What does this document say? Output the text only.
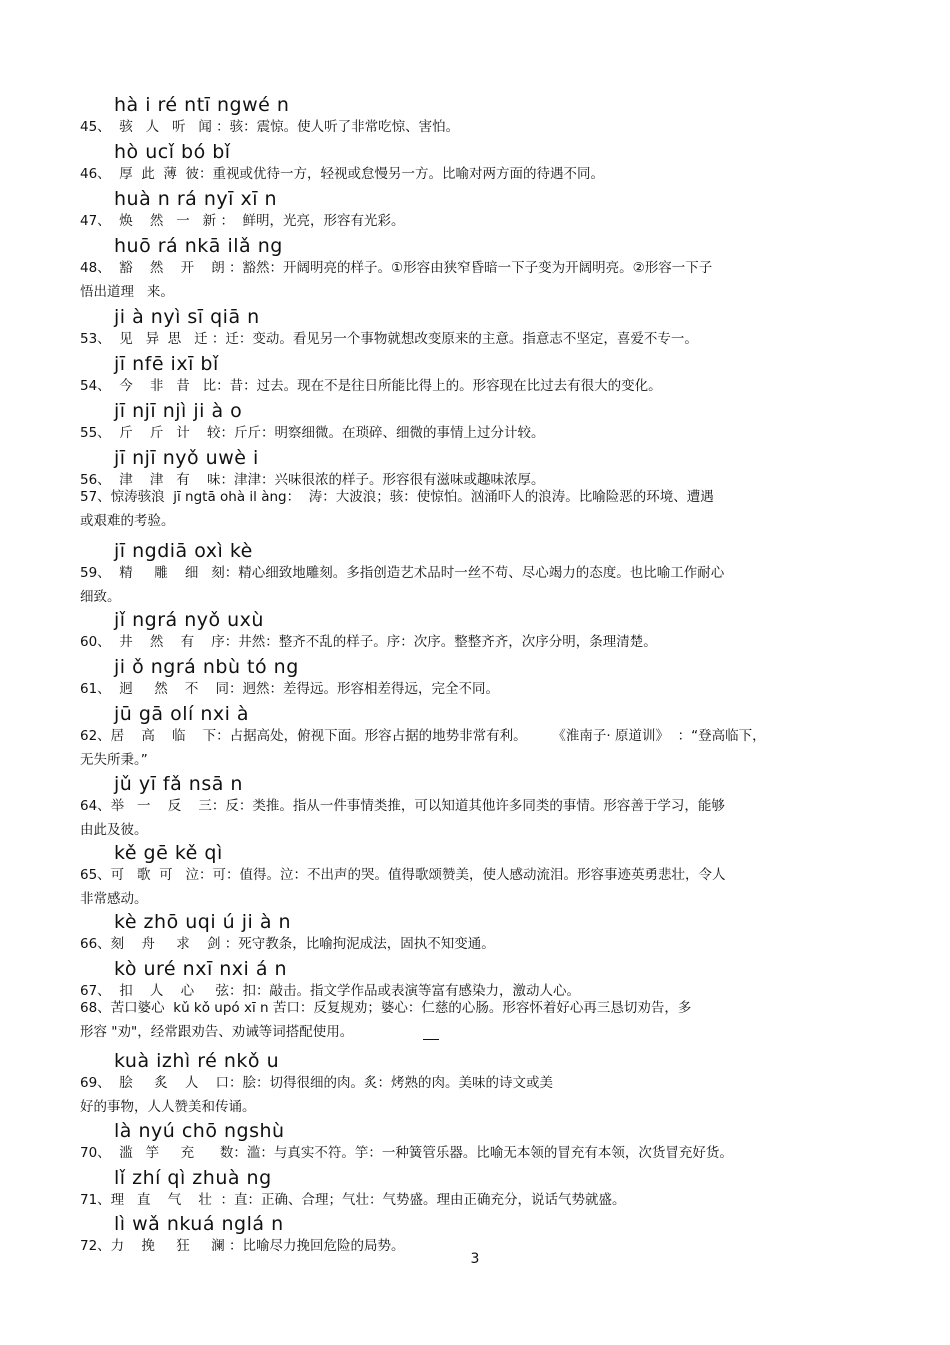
hà i ré ntī ngwé n
45、  骇   人   听   闻 ：骇：震惊。使人听了非常吃惊、害怕。
hò ucǐ bó bǐ
46、  厚  此  薄  彼：重视或优待一方，轻视或怠慢另一方。比喻对两方面的待遇不同。
huà n rá nyī xī n
47、  焕    然   一   新 ：  鲜明，光亮，形容有光彩。
huō rá nkā ilǎ ng
48、  豁    然    开    朗 ：豁然：开阔明亮的样子。①形容由狭窄昏暗一下子变为开阔明亮。②形容一下子
悟出道理   来。
ji à nyì sī qiā n
53、  见   异  思   迁 ：迁：变动。看见另一个事物就想改变原来的主意。指意志不坚定，喜爱不专一。
jī nfē ixī bǐ
54、  今    非   昔   比：昔：过去。现在不是往日所能比得上的。形容现在比过去有很大的变化。
jī njī njì ji à o
55、  斤    斤   计    较：斤斤：明察细微。在琐碎、细微的事情上过分计较。
jī njī nyǒ uwè i
56、  津    津   有    味：津津：兴味很浓的样子。形容很有滋味或趣味浓厚。
57、惊涛骇浪  jī ngtā ohà il àng：  涛：大波浪；骇：使惊怕。汹涌吓人的浪涛。比喻险恶的环境、遭遇
或艰难的考验。
jī ngdiā oxì kè
59、  精     雕    细   刻：精心细致地雕刻。多指创造艺术品时一丝不苟、尽心竭力的态度。也比喻工作耐心
细致。
jǐ ngrá nyǒ uxù
60、  井    然    有    序：井然：整齐不乱的样子。序：次序。整整齐齐，次序分明，条理清楚。
ji ǒ ngrá nbù tó ng
61、  迥     然    不    同：迥然：差得远。形容相差得远，完全不同。
jū gā olí nxi à
62、居    高    临    下：占据高处，俯视下面。形容占据的地势非常有利。      《淮南子· 原道训》  ：“登高临下，
无失所秉。”
jǔ yī fǎ nsā n
64、举   一    反    三：反：类推。指从一件事情类推，可以知道其他许多同类的事情。形容善于学习，能够
由此及彼。
kě gē kě qì
65、可   歌  可   泣：可：值得。泣：不出声的哭。值得歌颂赞美，使人感动流泪。形容事迹英勇悲壮，令人
非常感动。
kè zhō uqi ú ji à n
66、刻    舟     求    剑 ：死守教条，比喻拘泥成法，固执不知变通。
kò uré nxī nxi á n
67、  扣    人    心     弦：扣：敲击。指文学作品或表演等富有感染力，激动人心。
68、苦口婆心  kǔ kǒ upó xī n 苦口：反复规劝；婆心：仁慈的心肠。形容怀着好心再三恳切劝告，多
形容 "劝"，经常跟劝告、劝诫等词搭配使用。
kuà izhì ré nkǒ u
69、  脍     炙    人    口：脍：切得很细的肉。炙：烤熟的肉。美味的诗文或美
好的事物，人人赞美和传诵。
là nyú chō ngshù
70、  滥   竽     充      数：滥：与真实不符。竽：一种簧管乐器。比喻无本领的冒充有本领，次货冒充好货。
lǐ zhí qì zhuà ng
71、理   直    气    壮  ：直：正确、合理；气壮：气势盛。理由正确充分，说话气势就盛。
lì wǎ nkuá nglá n
72、力    挽     狂     澜 ：比喻尽力挽回危险的局势。
3
